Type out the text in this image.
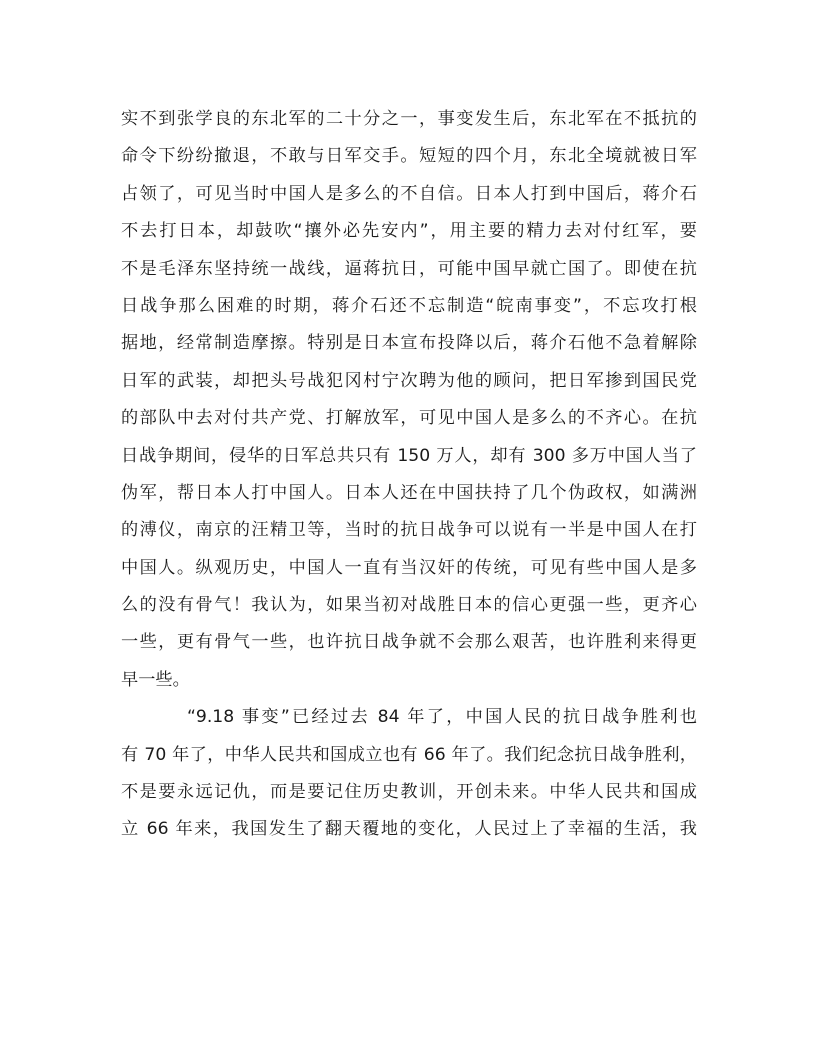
实不到张学良的东北军的二十分之一，事变发生后，东北军在不抵抗的
命令下纷纷撤退，不敢与日军交手。短短的四个月，东北全境就被日军
占领了，可见当时中国人是多么的不自信。日本人打到中国后，蒋介石
不去打日本，却鼓吹“攘外必先安内”，用主要的精力去对付红军，要
不是毛泽东坚持统一战线，逼蒋抗日，可能中国早就亡国了。即使在抗
日战争那么困难的时期，蒋介石还不忘制造“皖南事变”，不忘攻打根
据地，经常制造摩擦。特别是日本宣布投降以后，蒋介石他不急着解除
日军的武装，却把头号战犯冈村宁次聘为他的顾问，把日军掺到国民党
的部队中去对付共产党、打解放军，可见中国人是多么的不齐心。在抗
日战争期间，侵华的日军总共只有 150 万人，却有 300 多万中国人当了
伪军，帮日本人打中国人。日本人还在中国扶持了几个伪政权，如满洲
的溥仪，南京的汪精卫等，当时的抗日战争可以说有一半是中国人在打
中国人。纵观历史，中国人一直有当汉奸的传统，可见有些中国人是多
么的没有骨气！我认为，如果当初对战胜日本的信心更强一些，更齐心
一些，更有骨气一些，也许抗日战争就不会那么艰苦，也许胜利来得更
早一些。
“9.18 事变”已经过去 84 年了，中国人民的抗日战争胜利也
有 70 年了，中华人民共和国成立也有 66 年了。我们纪念抗日战争胜利，
不是要永远记仇，而是要记住历史教训，开创未来。中华人民共和国成
立 66 年来，我国发生了翻天覆地的变化，人民过上了幸福的生活，我
